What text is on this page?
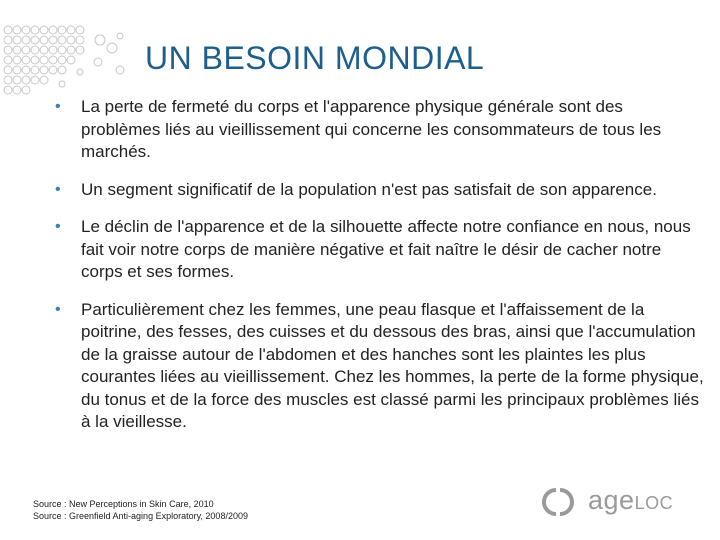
UN BESOIN MONDIAL
• La perte de fermeté du corps et l'apparence physique générale sont des problèmes liés au vieillissement qui concerne les consommateurs de tous les marchés.
• Un segment significatif de la population n'est pas satisfait de son apparence.
• Le déclin de l'apparence et de la silhouette affecte notre confiance en nous, nous fait voir notre corps de manière négative et fait naître le désir de cacher notre corps et ses formes.
• Particulièrement chez les femmes, une peau flasque et l'affaissement de la poitrine, des fesses, des cuisses et du dessous des bras, ainsi que l'accumulation de la graisse autour de l'abdomen et des hanches sont les plaintes les plus courantes liées au vieillissement. Chez les hommes, la perte de la forme physique, du tonus et de la force des muscles est classé parmi les principaux problèmes liés à la vieillesse.
Source : New Perceptions in Skin Care, 2010
Source : Greenfield Anti-aging Exploratory, 2008/2009
ageLOC
